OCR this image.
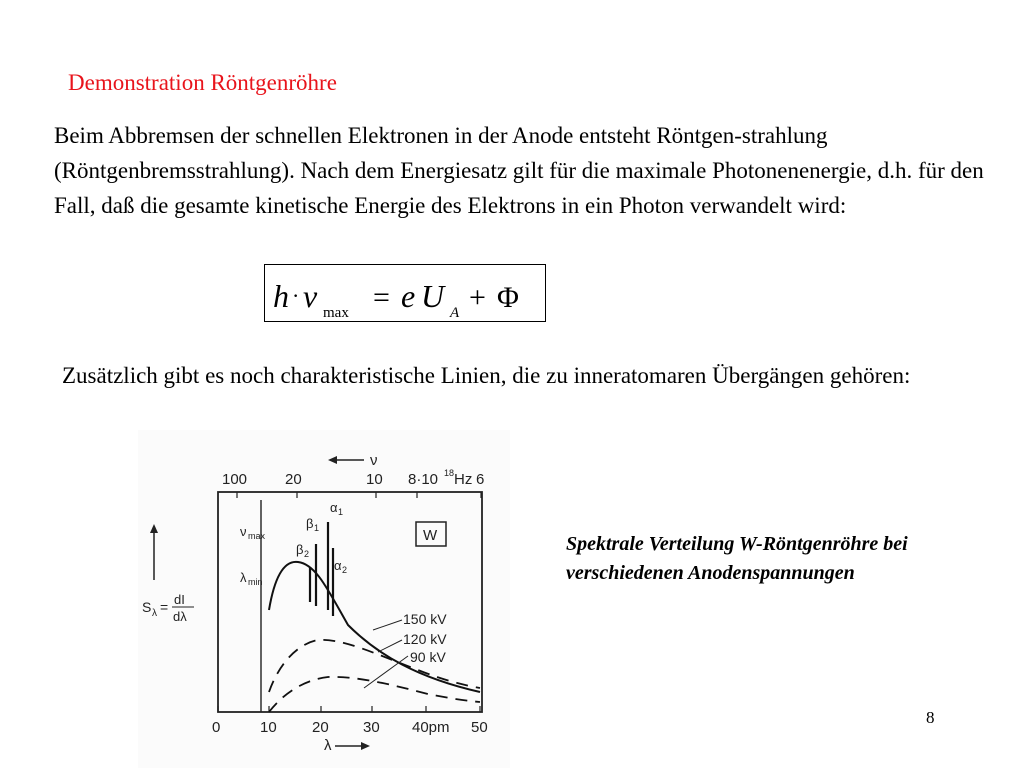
Demonstration Röntgenröhre
Beim Abbremsen der schnellen Elektronen in der Anode entsteht Röntgen-strahlung (Röntgenbremsstrahlung). Nach dem Energiesatz gilt für die maximale Photonenenergie, d.h. für den Fall, daß die gesamte kinetische Energie des Elektrons in ein Photon verwandelt wird:
h · ν max = e U A + Φ
Zusätzlich gibt es noch charakteristische Linien, die zu inneratomaren Übergängen gehören:
ν
100	20	10 8·10 18 Hz 6
0	10 20 30 40pm 50
λ
S λ = dI
dλ
W
ν max
λ min
α 1
β 1
β 2
α 2
150 kV
120 kV
90 kV
Spektrale Verteilung W-Röntgenröhre bei verschiedenen Anodenspannungen
8
